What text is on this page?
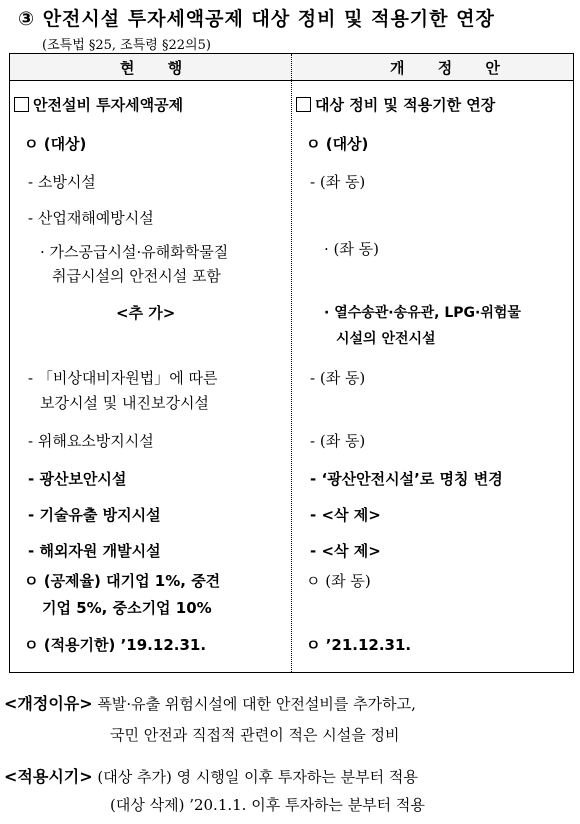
③ 안전시설 투자세액공제 대상 정비 및 적용기한 연장
(조특법 §25, 조특령 §22의5)
현 행	개 정 안
안전설비 투자세액공제	대상 정비 및 적용기한 연장
ㅇ (대상)	ㅇ (대상)
- 소방시설	- (좌 동)
- 산업재해예방시설
· 가스공급시설·유해화학물질	· (좌 동)
취급시설의 안전시설 포함
<추 가>	· 열수송관·송유관, LPG·위험물
시설의 안전시설
- 「비상대비자원법」에 따른	- (좌 동)
보강시설 및 내진보강시설
- 위해요소방지시설	- (좌 동)
- 광산보안시설	- ‘광산안전시설’로 명칭 변경
- 기술유출 방지시설	- <삭 제>
- 해외자원 개발시설	- <삭 제>
ㅇ (공제율) 대기업 1%, 중견	ㅇ (좌 동)
기업 5%, 중소기업 10%
ㅇ (적용기한) ’19.12.31.	ㅇ ’21.12.31.
<개정이유> 폭발·유출 위험시설에 대한 안전설비를 추가하고,
국민 안전과 직접적 관련이 적은 시설을 정비
<적용시기> (대상 추가) 영 시행일 이후 투자하는 분부터 적용
(대상 삭제) ’20.1.1. 이후 투자하는 분부터 적용
